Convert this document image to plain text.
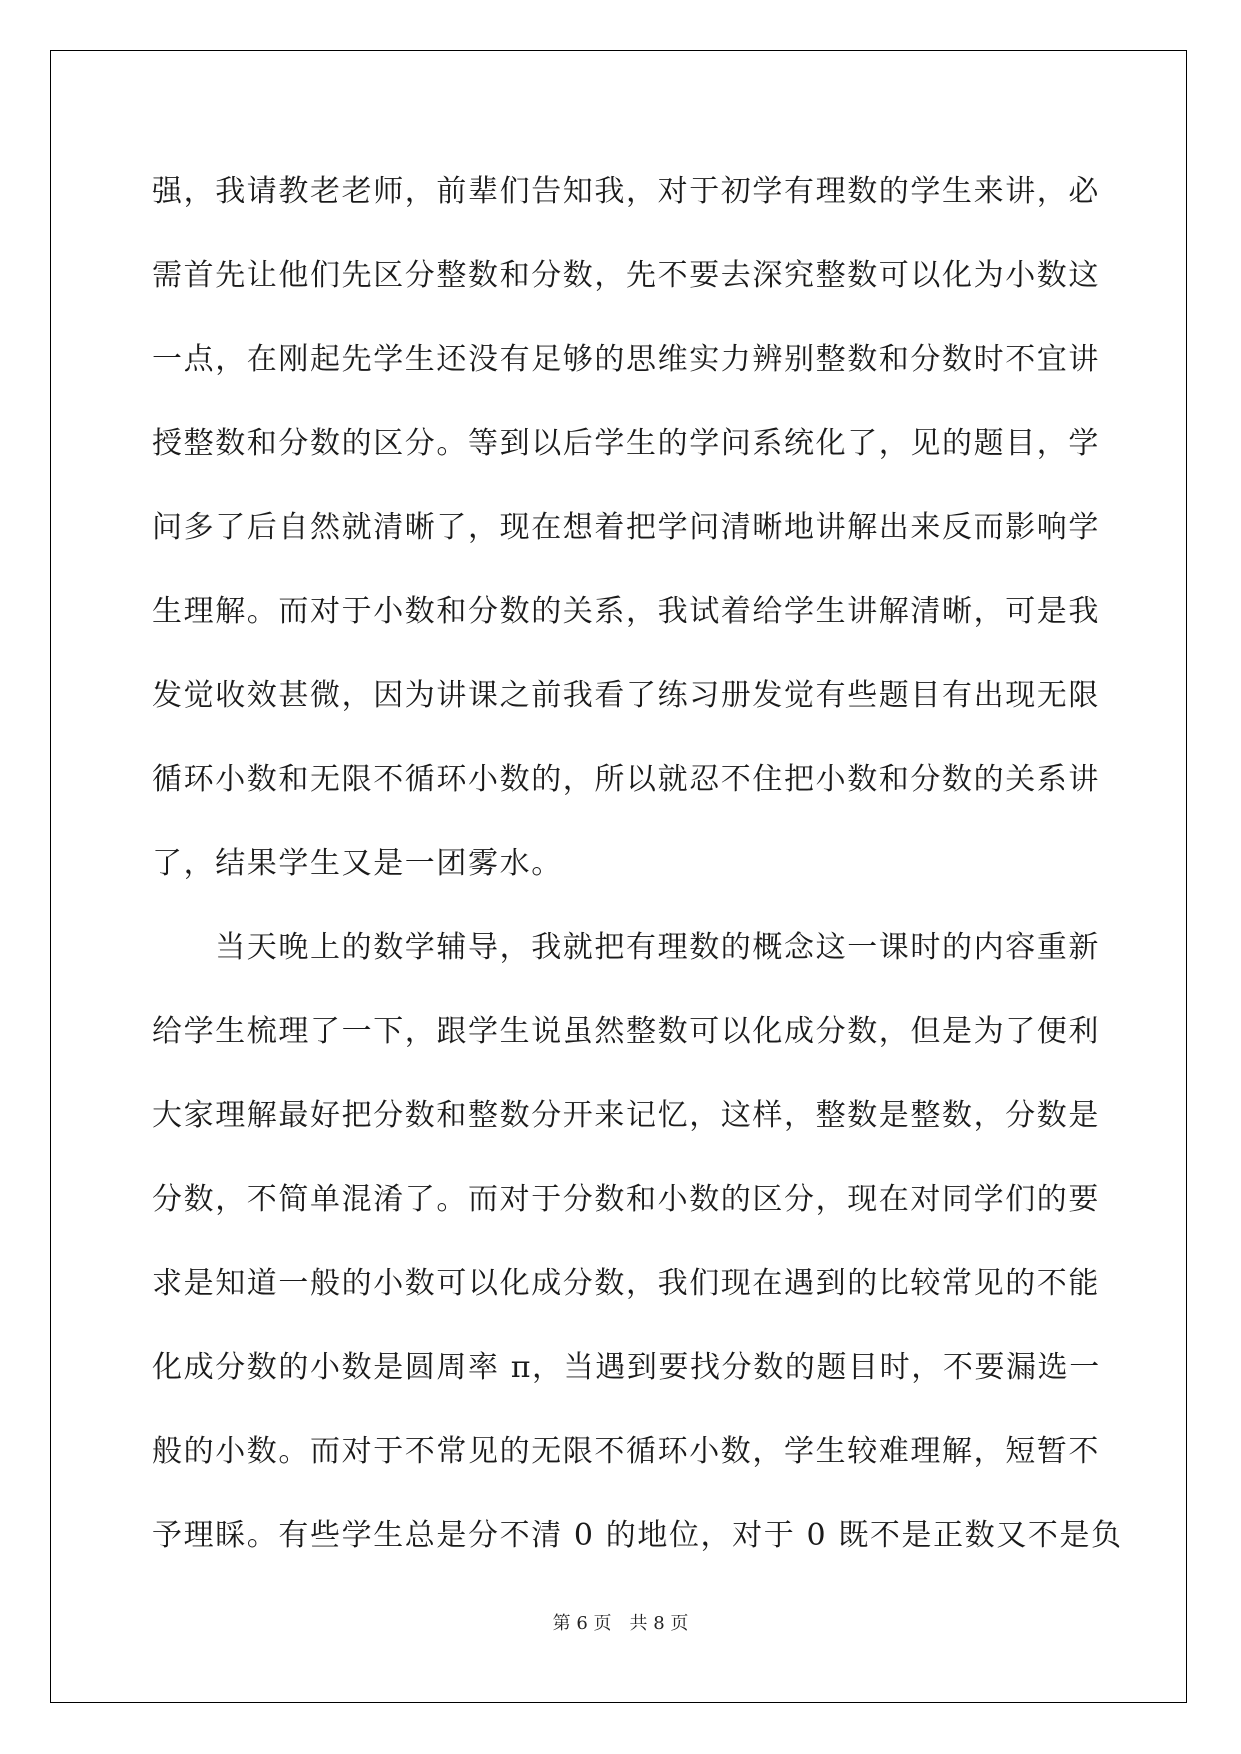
强，我请教老老师，前辈们告知我，对于初学有理数的学生来讲，必
需首先让他们先区分整数和分数，先不要去深究整数可以化为小数这
一点，在刚起先学生还没有足够的思维实力辨别整数和分数时不宜讲
授整数和分数的区分。等到以后学生的学问系统化了，见的题目，学
问多了后自然就清晰了，现在想着把学问清晰地讲解出来反而影响学
生理解。而对于小数和分数的关系，我试着给学生讲解清晰，可是我
发觉收效甚微，因为讲课之前我看了练习册发觉有些题目有出现无限
循环小数和无限不循环小数的，所以就忍不住把小数和分数的关系讲
了，结果学生又是一团雾水。
　　当天晚上的数学辅导，我就把有理数的概念这一课时的内容重新
给学生梳理了一下，跟学生说虽然整数可以化成分数，但是为了便利
大家理解最好把分数和整数分开来记忆，这样，整数是整数，分数是
分数，不简单混淆了。而对于分数和小数的区分，现在对同学们的要
求是知道一般的小数可以化成分数，我们现在遇到的比较常见的不能
化成分数的小数是圆周率 π，当遇到要找分数的题目时，不要漏选一
般的小数。而对于不常见的无限不循环小数，学生较难理解，短暂不
予理睬。有些学生总是分不清 0 的地位，对于 0 既不是正数又不是负
第 6 页　共 8 页
